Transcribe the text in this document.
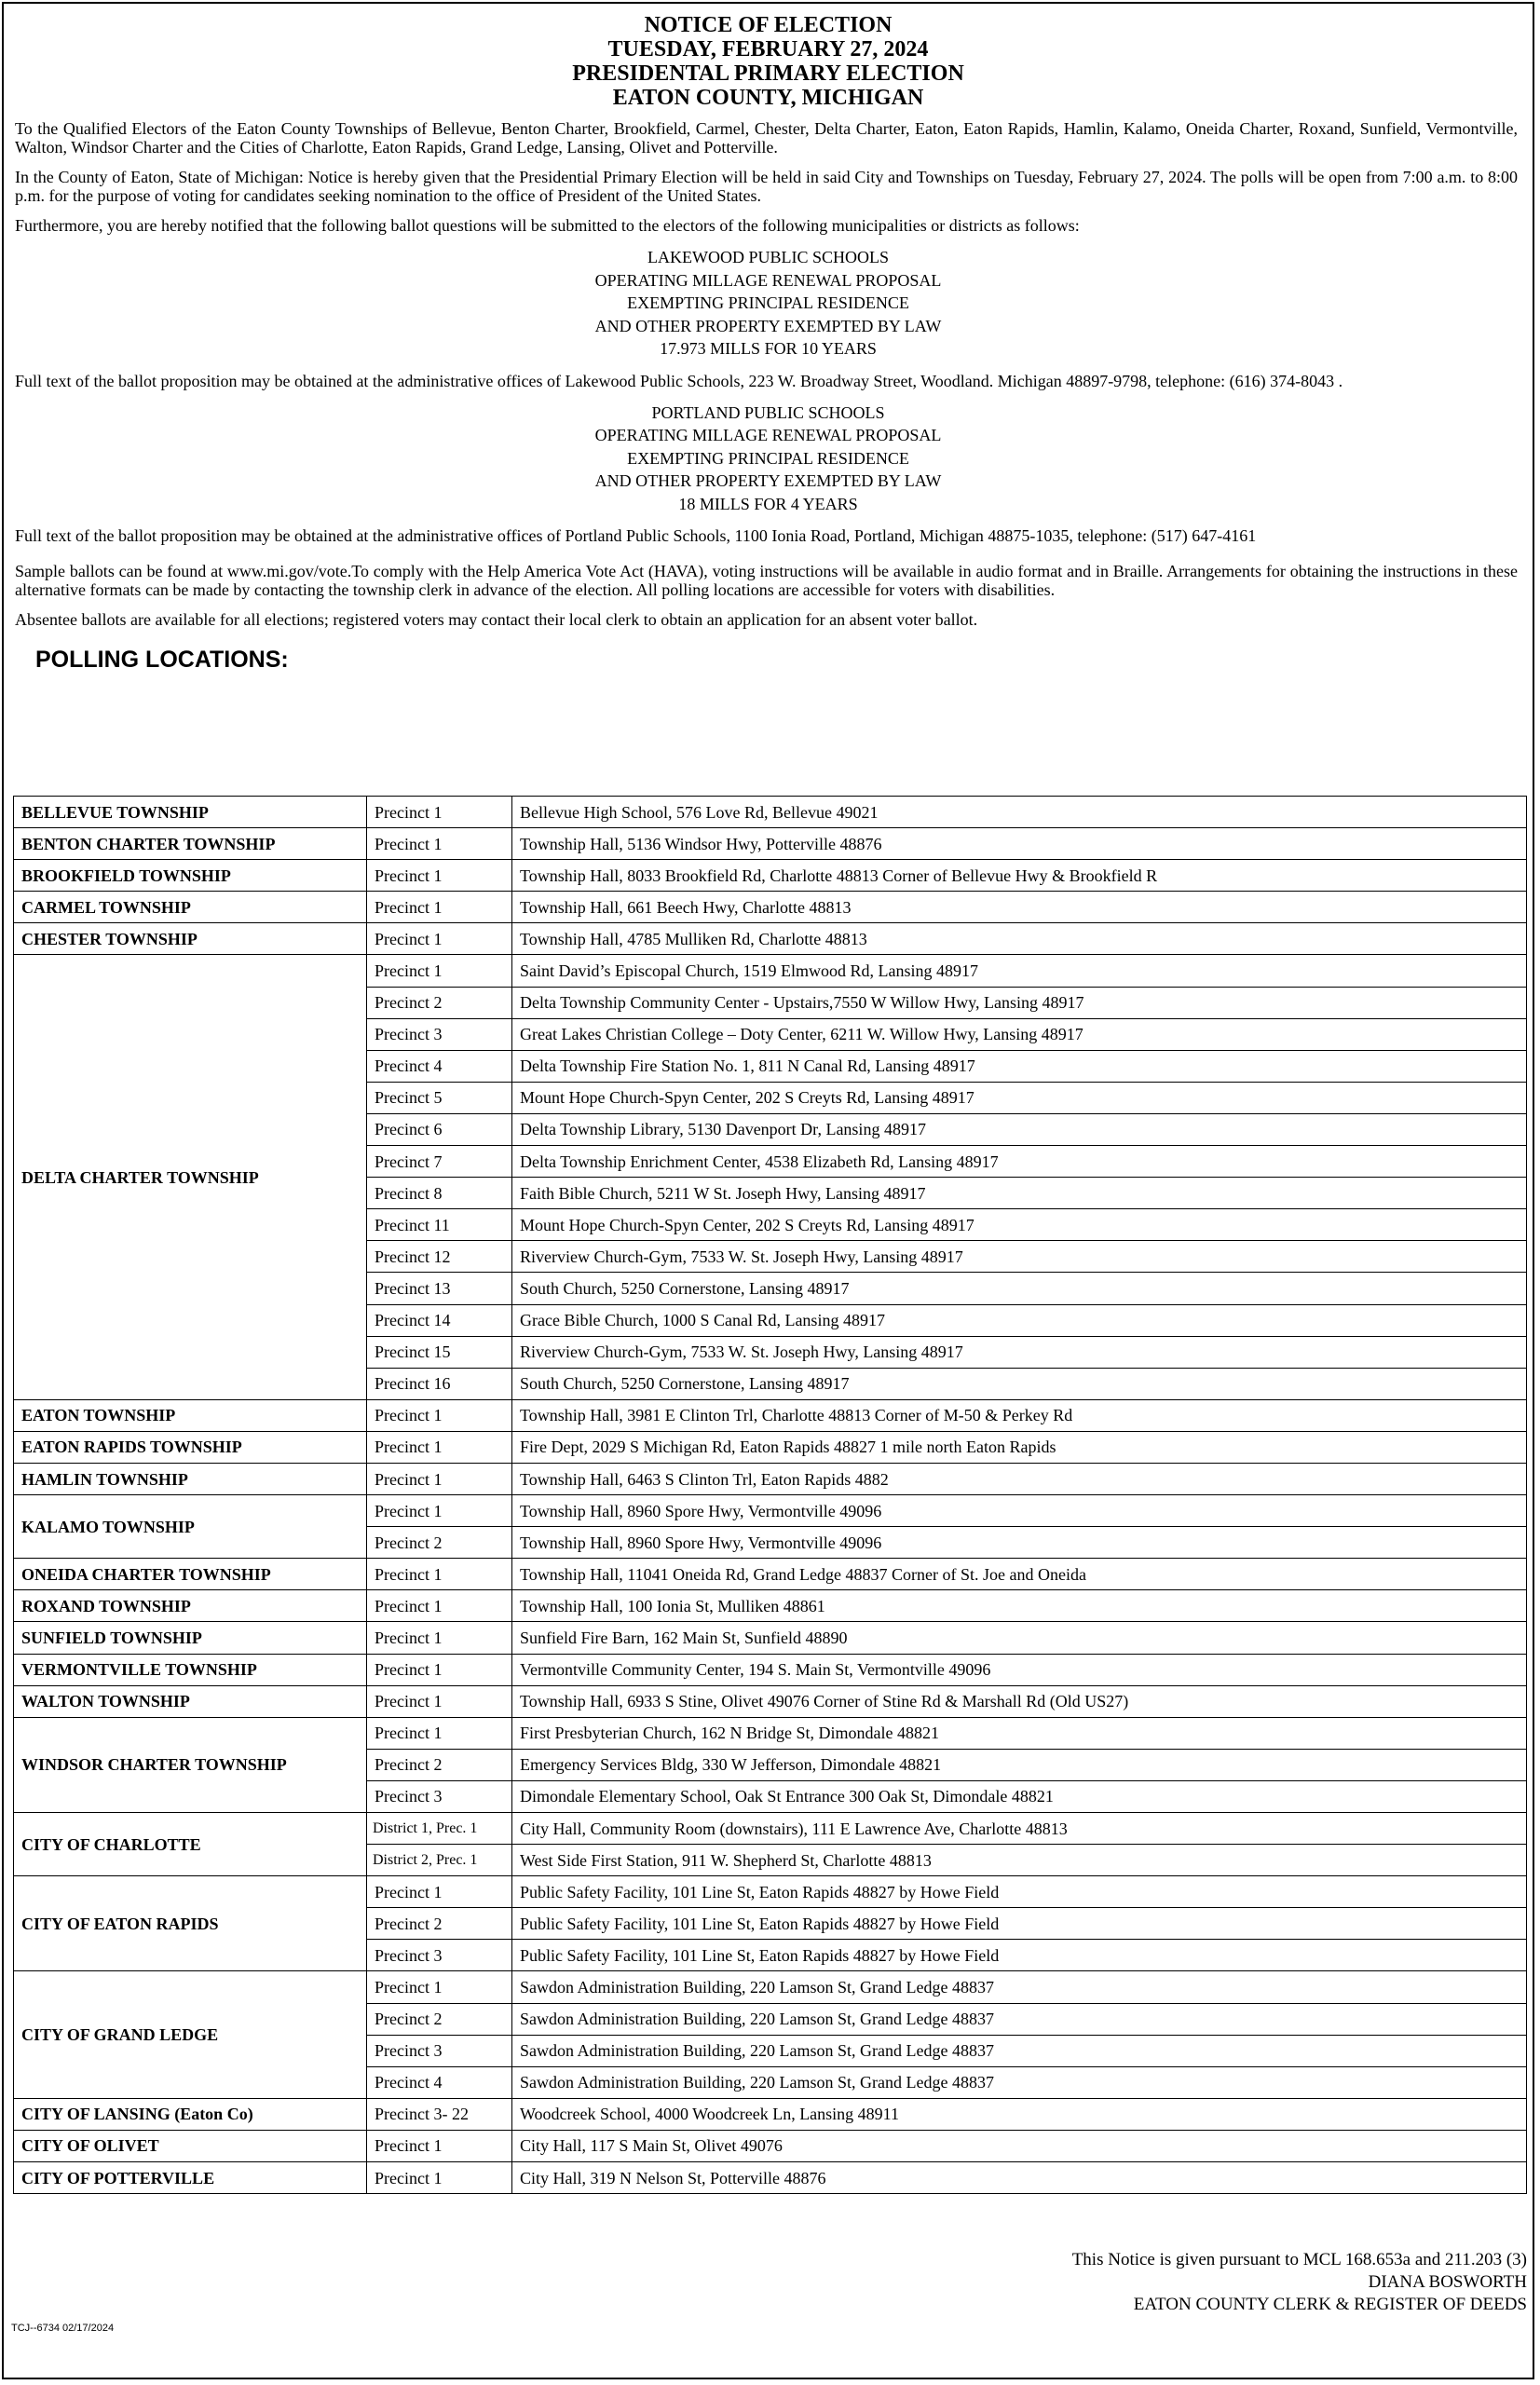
NOTICE OF ELECTION
TUESDAY, FEBRUARY 27, 2024
PRESIDENTAL PRIMARY ELECTION
EATON COUNTY, MICHIGAN

To the Qualified Electors of the Eaton County Townships of Bellevue, Benton Charter, Brookfield, Carmel, Chester, Delta Charter, Eaton, Eaton Rapids, Hamlin, Kalamo, Oneida Charter, Roxand, Sunfield, Vermontville, Walton, Windsor Charter and the Cities of Charlotte, Eaton Rapids, Grand Ledge, Lansing, Olivet and Potterville.

In the County of Eaton, State of Michigan: Notice is hereby given that the Presidential Primary Election will be held in said City and Townships on Tuesday, February 27, 2024. The polls will be open from 7:00 a.m. to 8:00 p.m. for the purpose of voting for candidates seeking nomination to the office of President of the United States.

Furthermore, you are hereby notified that the following ballot questions will be submitted to the electors of the following municipalities or districts as follows:

LAKEWOOD PUBLIC SCHOOLS
OPERATING MILLAGE RENEWAL PROPOSAL
EXEMPTING PRINCIPAL RESIDENCE
AND OTHER PROPERTY EXEMPTED BY LAW
17.973 MILLS FOR 10 YEARS

Full text of the ballot proposition may be obtained at the administrative offices of Lakewood Public Schools, 223 W. Broadway Street, Woodland. Michigan 48897-9798, telephone: (616) 374-8043 .

PORTLAND PUBLIC SCHOOLS
OPERATING MILLAGE RENEWAL PROPOSAL
EXEMPTING PRINCIPAL RESIDENCE
AND OTHER PROPERTY EXEMPTED BY LAW
18 MILLS FOR 4 YEARS

Full text of the ballot proposition may be obtained at the administrative offices of Portland Public Schools, 1100 Ionia Road, Portland, Michigan 48875-1035, telephone: (517) 647-4161

Sample ballots can be found at www.mi.gov/vote.To comply with the Help America Vote Act (HAVA), voting instructions will be available in audio format and in Braille. Arrangements for obtaining the instructions in these alternative formats can be made by contacting the township clerk in advance of the election. All polling locations are accessible for voters with disabilities.

Absentee ballots are available for all elections; registered voters may contact their local clerk to obtain an application for an absent voter ballot.

POLLING LOCATIONS:
BELLEVUE TOWNSHIP	Precinct 1	Bellevue High School, 576 Love Rd, Bellevue 49021
BENTON CHARTER TOWNSHIP	Precinct 1	Township Hall, 5136 Windsor Hwy, Potterville 48876
BROOKFIELD TOWNSHIP	Precinct 1	Township Hall, 8033 Brookfield Rd, Charlotte 48813 Corner of Bellevue Hwy & Brookfield R
CARMEL TOWNSHIP	Precinct 1	Township Hall, 661 Beech Hwy, Charlotte 48813
CHESTER TOWNSHIP	Precinct 1	Township Hall, 4785 Mulliken Rd, Charlotte 48813
DELTA CHARTER TOWNSHIP	Precinct 1	Saint David’s Episcopal Church, 1519 Elmwood Rd, Lansing 48917
	Precinct 2	Delta Township Community Center - Upstairs,7550 W Willow Hwy, Lansing 48917
	Precinct 3	Great Lakes Christian College – Doty Center, 6211 W. Willow Hwy, Lansing 48917
	Precinct 4	Delta Township Fire Station No. 1, 811 N Canal Rd, Lansing 48917
	Precinct 5	Mount Hope Church-Spyn Center, 202 S Creyts Rd, Lansing 48917
	Precinct 6	Delta Township Library, 5130 Davenport Dr, Lansing 48917
	Precinct 7	Delta Township Enrichment Center, 4538 Elizabeth Rd, Lansing 48917
	Precinct 8	Faith Bible Church, 5211 W St. Joseph Hwy, Lansing 48917
	Precinct 11	Mount Hope Church-Spyn Center, 202 S Creyts Rd, Lansing 48917
	Precinct 12	Riverview Church-Gym, 7533 W. St. Joseph Hwy, Lansing 48917
	Precinct 13	South Church, 5250 Cornerstone, Lansing 48917
	Precinct 14	Grace Bible Church, 1000 S Canal Rd, Lansing 48917
	Precinct 15	Riverview Church-Gym, 7533 W. St. Joseph Hwy, Lansing 48917
	Precinct 16	South Church, 5250 Cornerstone, Lansing 48917
EATON TOWNSHIP	Precinct 1	Township Hall, 3981 E Clinton Trl, Charlotte 48813 Corner of M-50 & Perkey Rd
EATON RAPIDS TOWNSHIP	Precinct 1	Fire Dept, 2029 S Michigan Rd, Eaton Rapids 48827 1 mile north Eaton Rapids
HAMLIN TOWNSHIP	Precinct 1	Township Hall, 6463 S Clinton Trl, Eaton Rapids 4882
KALAMO TOWNSHIP	Precinct 1	Township Hall, 8960 Spore Hwy, Vermontville 49096
	Precinct 2	Township Hall, 8960 Spore Hwy, Vermontville 49096
ONEIDA CHARTER TOWNSHIP	Precinct 1	Township Hall, 11041 Oneida Rd, Grand Ledge 48837 Corner of St. Joe and Oneida
ROXAND TOWNSHIP	Precinct 1	Township Hall, 100 Ionia St, Mulliken 48861
SUNFIELD TOWNSHIP	Precinct 1	Sunfield Fire Barn, 162 Main St, Sunfield 48890
VERMONTVILLE TOWNSHIP	Precinct 1	Vermontville Community Center, 194 S. Main St, Vermontville 49096
WALTON TOWNSHIP	Precinct 1	Township Hall, 6933 S Stine, Olivet 49076 Corner of Stine Rd & Marshall Rd (Old US27)
WINDSOR CHARTER TOWNSHIP	Precinct 1	First Presbyterian Church, 162 N Bridge St, Dimondale 48821
	Precinct 2	Emergency Services Bldg, 330 W Jefferson, Dimondale 48821
	Precinct 3	Dimondale Elementary School, Oak St Entrance 300 Oak St, Dimondale 48821
CITY OF CHARLOTTE	District 1, Prec. 1	City Hall, Community Room (downstairs), 111 E Lawrence Ave, Charlotte 48813
	District 2, Prec. 1	West Side First Station, 911 W. Shepherd St, Charlotte 48813
CITY OF EATON RAPIDS	Precinct 1	Public Safety Facility, 101 Line St, Eaton Rapids 48827 by Howe Field
	Precinct 2	Public Safety Facility, 101 Line St, Eaton Rapids 48827 by Howe Field
	Precinct 3	Public Safety Facility, 101 Line St, Eaton Rapids 48827 by Howe Field
CITY OF GRAND LEDGE	Precinct 1	Sawdon Administration Building, 220 Lamson St, Grand Ledge 48837
	Precinct 2	Sawdon Administration Building, 220 Lamson St, Grand Ledge 48837
	Precinct 3	Sawdon Administration Building, 220 Lamson St, Grand Ledge 48837
	Precinct 4	Sawdon Administration Building, 220 Lamson St, Grand Ledge 48837
CITY OF LANSING (Eaton Co)	Precinct 3- 22	Woodcreek School, 4000 Woodcreek Ln, Lansing 48911
CITY OF OLIVET	Precinct 1	City Hall, 117 S Main St, Olivet 49076
CITY OF POTTERVILLE	Precinct 1	City Hall, 319 N Nelson St, Potterville 48876
This Notice is given pursuant to MCL 168.653a and 211.203 (3)
DIANA BOSWORTH
EATON COUNTY CLERK & REGISTER OF DEEDS
TCJ--6734 02/17/2024
